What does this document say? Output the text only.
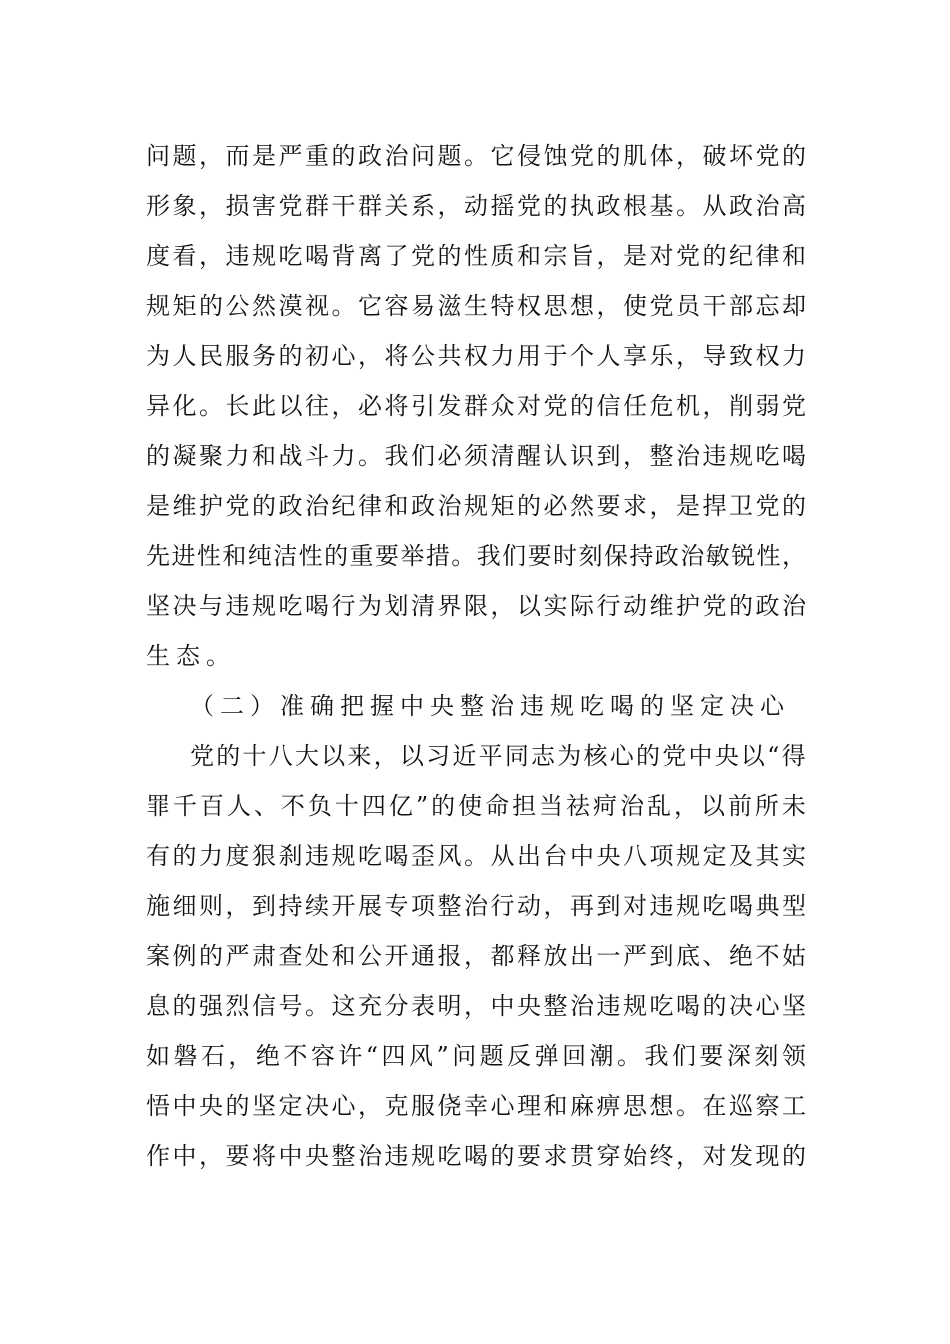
问 题 ， 而 是 严 重 的 政 治 问 题 。 它 侵 蚀 党 的 肌 体 ， 破 坏 党 的
形 象 ， 损 害 党 群 干 群 关 系 ， 动 摇 党 的 执 政 根 基 。 从 政 治 高
度 看 ， 违 规 吃 喝 背 离 了 党 的 性 质 和 宗 旨 ， 是 对 党 的 纪 律 和
规 矩 的 公 然 漠 视 。 它 容 易 滋 生 特 权 思 想 ， 使 党 员 干 部 忘 却
为 人 民 服 务 的 初 心 ， 将 公 共 权 力 用 于 个 人 享 乐 ， 导 致 权 力
异 化 。 长 此 以 往 ， 必 将 引 发 群 众 对 党 的 信 任 危 机 ， 削 弱 党
的 凝 聚 力 和 战 斗 力 。 我 们 必 须 清 醒 认 识 到 ， 整 治 违 规 吃 喝
是 维 护 党 的 政 治 纪 律 和 政 治 规 矩 的 必 然 要 求 ， 是 捍 卫 党 的
先 进 性 和 纯 洁 性 的 重 要 举 措 。 我 们 要 时 刻 保 持 政 治 敏 锐 性 ，
坚 决 与 违 规 吃 喝 行 为 划 清 界 限 ， 以 实 际 行 动 维 护 党 的 政 治
生 态 。
（ 二 ） 准 确 把 握 中 央 整 治 违 规 吃 喝 的 坚 定 决 心
党 的 十 八 大 以 来 ， 以 习 近 平 同 志 为 核 心 的 党 中 央 以 “ 得
罪 千 百 人 、 不 负 十 四 亿 ” 的 使 命 担 当 祛 疴 治 乱 ， 以 前 所 未
有 的 力 度 狠 刹 违 规 吃 喝 歪 风 。 从 出 台 中 央 八 项 规 定 及 其 实
施 细 则 ， 到 持 续 开 展 专 项 整 治 行 动 ， 再 到 对 违 规 吃 喝 典 型
案 例 的 严 肃 查 处 和 公 开 通 报 ， 都 释 放 出 一 严 到 底 、 绝 不 姑
息 的 强 烈 信 号 。 这 充 分 表 明 ， 中 央 整 治 违 规 吃 喝 的 决 心 坚
如 磐 石 ， 绝 不 容 许 “ 四 风 ” 问 题 反 弹 回 潮 。 我 们 要 深 刻 领
悟 中 央 的 坚 定 决 心 ， 克 服 侥 幸 心 理 和 麻 痹 思 想 。 在 巡 察 工
作 中 ， 要 将 中 央 整 治 违 规 吃 喝 的 要 求 贯 穿 始 终 ， 对 发 现 的
